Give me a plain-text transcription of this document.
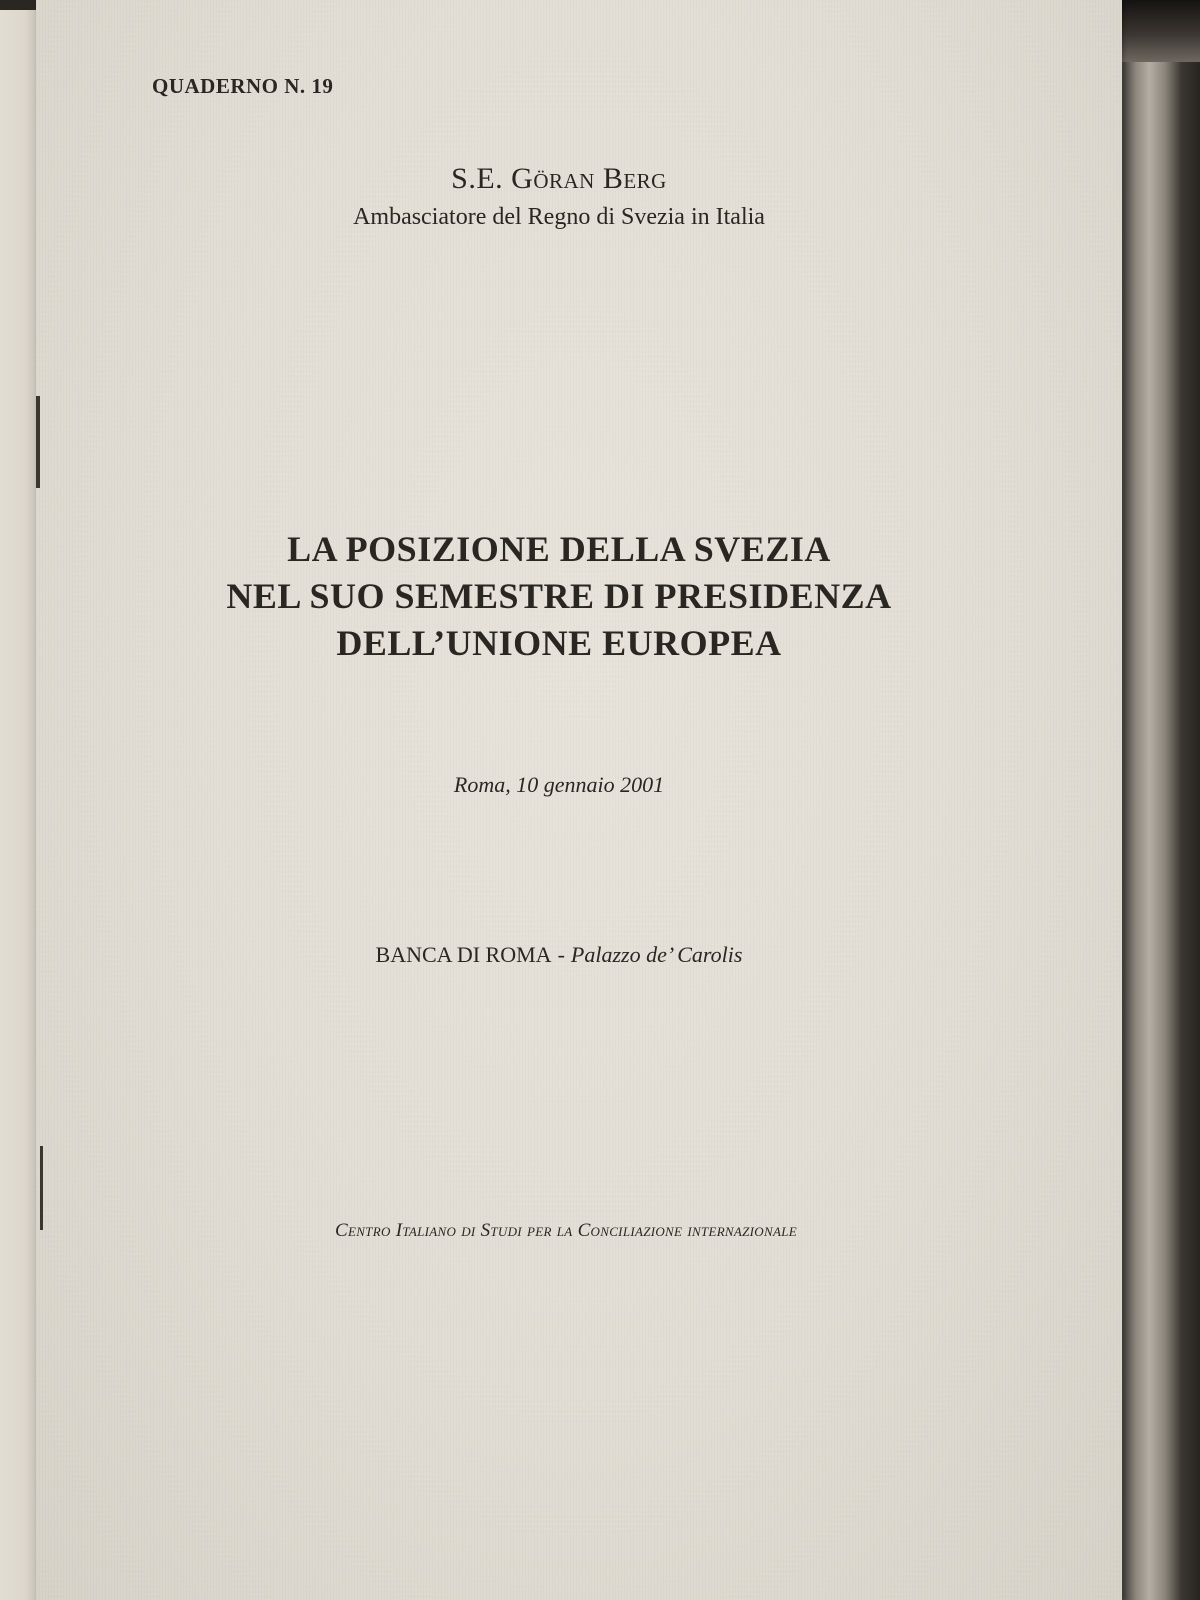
QUADERNO N. 19

S.E. Göran Berg

Ambasciatore del Regno di Svezia in Italia

LA POSIZIONE DELLA SVEZIA
NEL SUO SEMESTRE DI PRESIDENZA
DELL’UNIONE EUROPEA

Roma, 10 gennaio 2001

BANCA DI ROMA - Palazzo de’ Carolis

Centro Italiano di Studi per la Conciliazione internazionale
